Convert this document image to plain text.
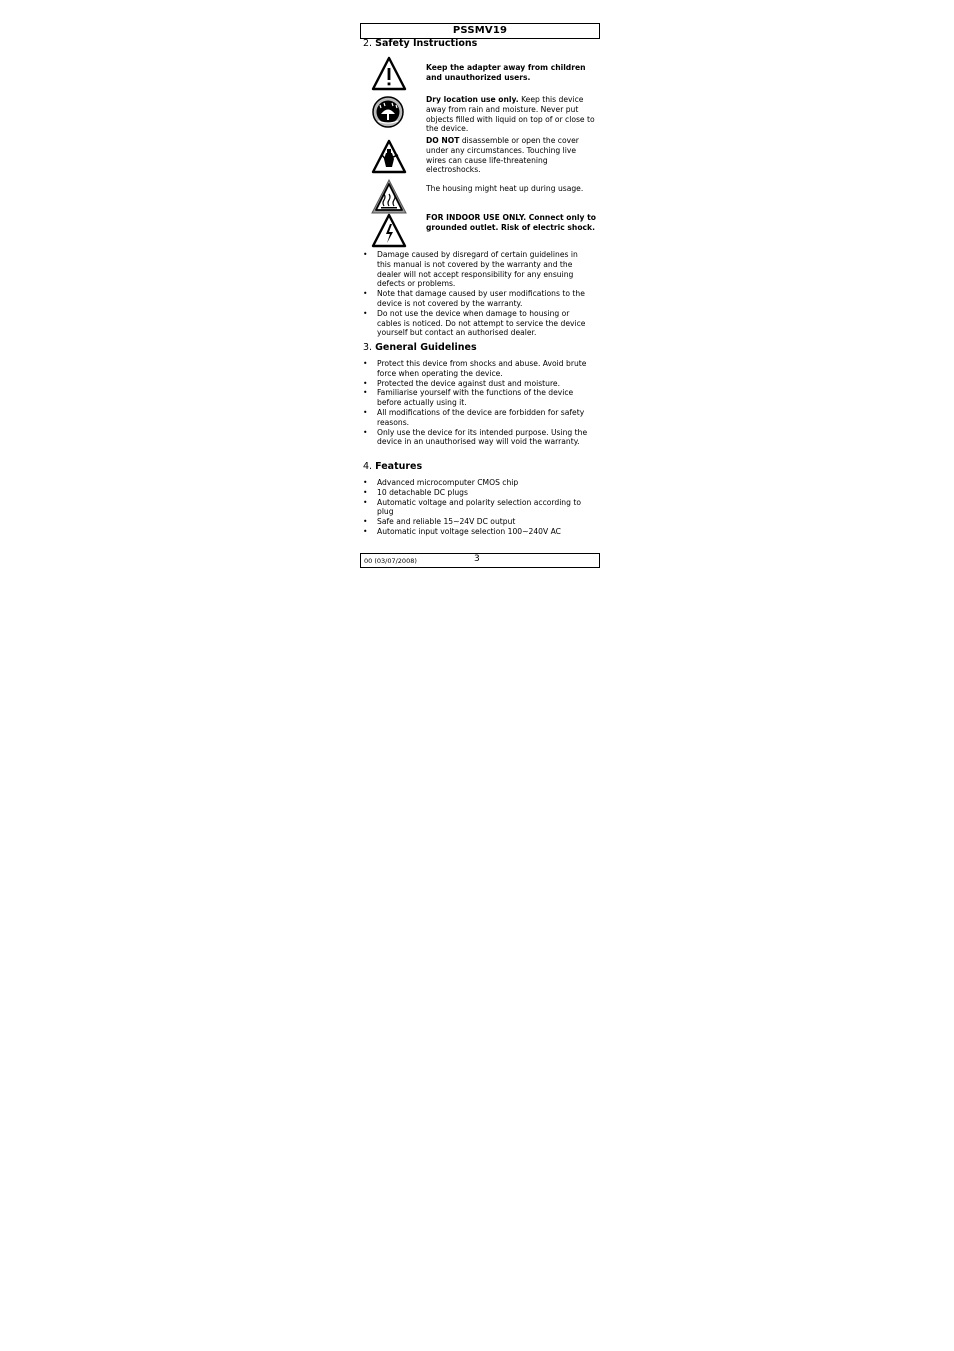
PSSMV19
2. Safety Instructions
Keep the adapter away from children and unauthorized users.
Dry location use only. Keep this device away from rain and moisture. Never put objects filled with liquid on top of or close to the device.
DO NOT disassemble or open the cover under any circumstances. Touching live wires can cause life-threatening electroshocks.
The housing might heat up during usage.
FOR INDOOR USE ONLY. Connect only to grounded outlet. Risk of electric shock.
• Damage caused by disregard of certain guidelines in this manual is not covered by the warranty and the dealer will not accept responsibility for any ensuing defects or problems.
• Note that damage caused by user modifications to the device is not covered by the warranty.
• Do not use the device when damage to housing or cables is noticed. Do not attempt to service the device yourself but contact an authorised dealer.
3. General Guidelines
• Protect this device from shocks and abuse. Avoid brute force when operating the device.
• Protected the device against dust and moisture.
• Familiarise yourself with the functions of the device before actually using it.
• All modifications of the device are forbidden for safety reasons.
• Only use the device for its intended purpose. Using the device in an unauthorised way will void the warranty.
4. Features
• Advanced microcomputer CMOS chip
• 10 detachable DC plugs
• Automatic voltage and polarity selection according to plug
• Safe and reliable 15~24V DC output
• Automatic input voltage selection 100~240V AC
00 (03/07/2008)	3
